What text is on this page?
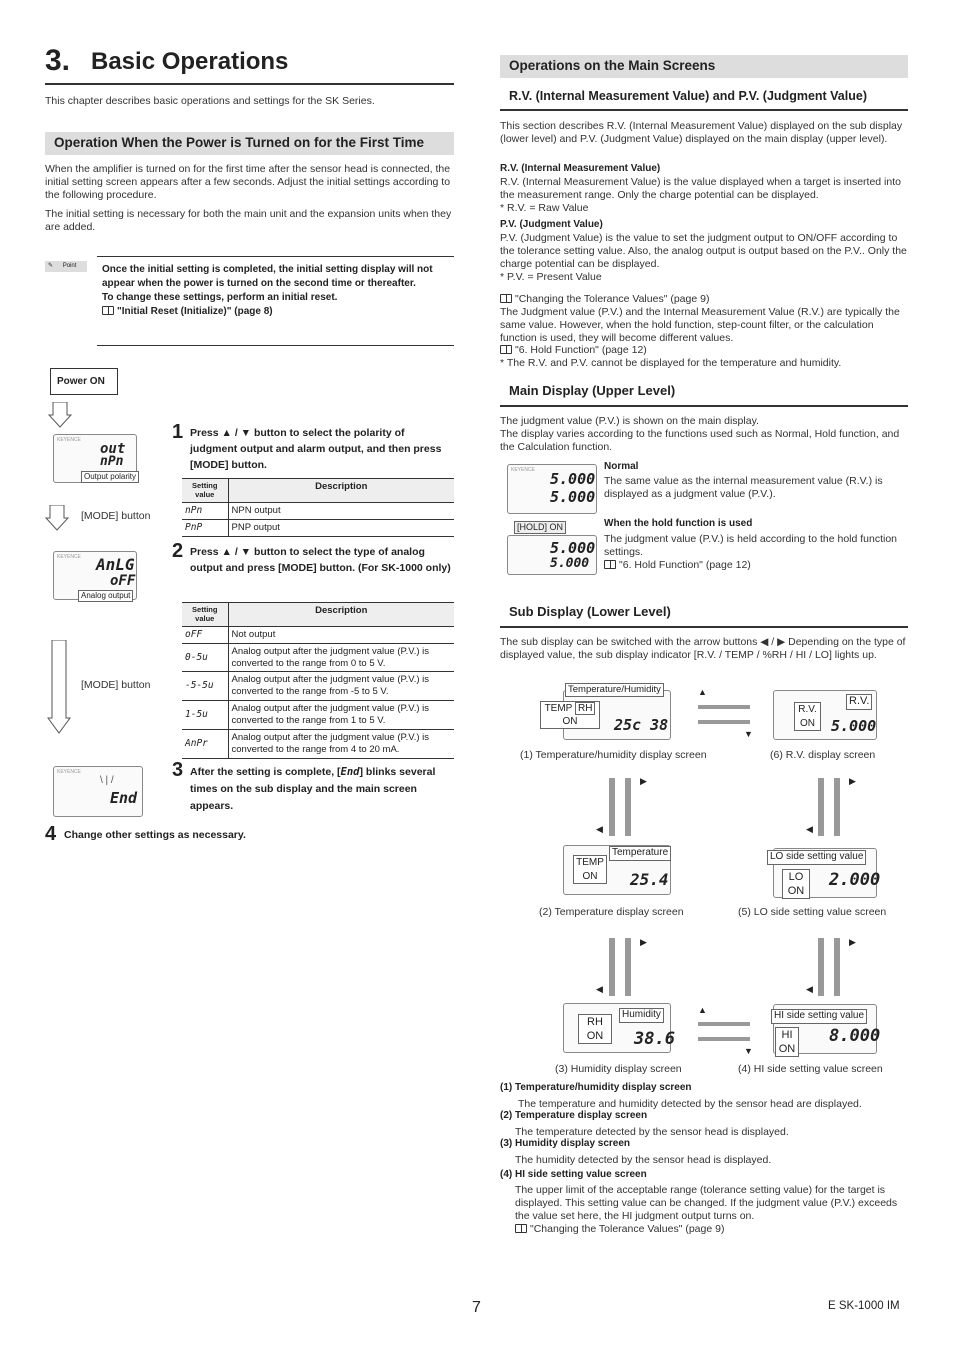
3. Basic Operations
This chapter describes basic operations and settings for the SK Series.
Operation When the Power is Turned on for the First Time

When the amplifier is turned on for the first time after the sensor head is connected, the initial setting screen appears after a few seconds. Adjust the initial settings according to the following procedure.

The initial setting is necessary for both the main unit and the expansion units when they are added.

✎ Point	Once the initial setting is completed, the initial setting display will not appear when the power is turned on the second time or thereafter.
To change these settings, perform an initial reset.
"Initial Reset (Initialize)" (page 8)
Power ON
KEYENCE
out
nPn
Output polarity
[MODE] button
KEYENCE AnLG
oFF
Analog output
[MODE] button
KEYENCE
End
\ | /
1 Press ▲ / ▼ button to select the polarity of judgment output and alarm output, and then press [MODE] button.
Setting value	Description
nPn	NPN output
PnP	PNP output
2 Press ▲ / ▼ button to select the type of analog output and press [MODE] button. (For SK-1000 only)
Setting value	Description
oFF	Not output
0-5u	Analog output after the judgment value (P.V.) is converted to the range from 0 to 5 V.
-5-5u	Analog output after the judgment value (P.V.) is converted to the range from -5 to 5 V.
1-5u	Analog output after the judgment value (P.V.) is converted to the range from 1 to 5 V.
AnPr	Analog output after the judgment value (P.V.) is converted to the range from 4 to 20 mA.
3 After the setting is complete, [End] blinks several times on the sub display and the main screen appears.
4 Change other settings as necessary.
Operations on the Main Screens
R.V. (Internal Measurement Value) and P.V. (Judgment Value)

This section describes R.V. (Internal Measurement Value) displayed on the sub display (lower level) and P.V. (Judgment Value) displayed on the main display (upper level).

R.V. (Internal Measurement Value)

R.V. (Internal Measurement Value) is the value displayed when a target is inserted into the measurement range. Only the charge potential can be displayed.

* R.V. = Raw Value

P.V. (Judgment Value)

P.V. (Judgment Value) is the value to set the judgment output to ON/OFF according to the tolerance setting value. Also, the analog output is output based on the P.V.. Only the charge potential can be displayed.

* P.V. = Present Value

"Changing the Tolerance Values" (page 9)

The Judgment value (P.V.) and the Internal Measurement Value (R.V.) are typically the same value. However, when the hold function, step-count filter, or the calculation function is used, they will become different values.

"6. Hold Function" (page 12)

* The R.V. and P.V. cannot be displayed for the temperature and humidity.

Main Display (Upper Level)

The judgment value (P.V.) is shown on the main display.

The display varies according to the functions used such as Normal, Hold function, and the Calculation function.

KEYENCE 5.000
5.000
Normal

The same value as the internal measurement value (R.V.) is displayed as a judgment value (P.V.).

[HOLD] ON
5.000
5.000
When the hold function is used

The judgment value (P.V.) is held according to the hold function settings.

"6. Hold Function" (page 12)

Sub Display (Lower Level)

The sub display can be switched with the arrow buttons ◀ / ▶ Depending on the type of displayed value, the sub display indicator [R.V. / TEMP / %RH / HI / LO] lights up.

25c 38
Temperature/Humidity
TEMP RH
ON
(1) Temperature/humidity display screen
5.000
R.V.
R.V.
ON
(6) R.V. display screen
▲
▼
▶
◀
▶
◀
25.4
Temperature
TEMP
ON
(2) Temperature display screen
2.000
LO side setting value
LO
ON
(5) LO side setting value screen
▶
◀
▶
◀
38.6
Humidity
RH
ON
(3) Humidity display screen
8.000
HI side setting value
HI
ON
(4) HI side setting value screen
▲
▼
(1) Temperature/humidity display screen

The temperature and humidity detected by the sensor head are displayed.

(2) Temperature display screen

The temperature detected by the sensor head is displayed.

(3) Humidity display screen

The humidity detected by the sensor head is displayed.

(4) HI side setting value screen

The upper limit of the acceptable range (tolerance setting value) for the target is displayed. This setting value can be changed. If the judgment value (P.V.) exceeds the value set here, the HI judgment output turns on.

"Changing the Tolerance Values" (page 9)

7	E SK-1000 IM
